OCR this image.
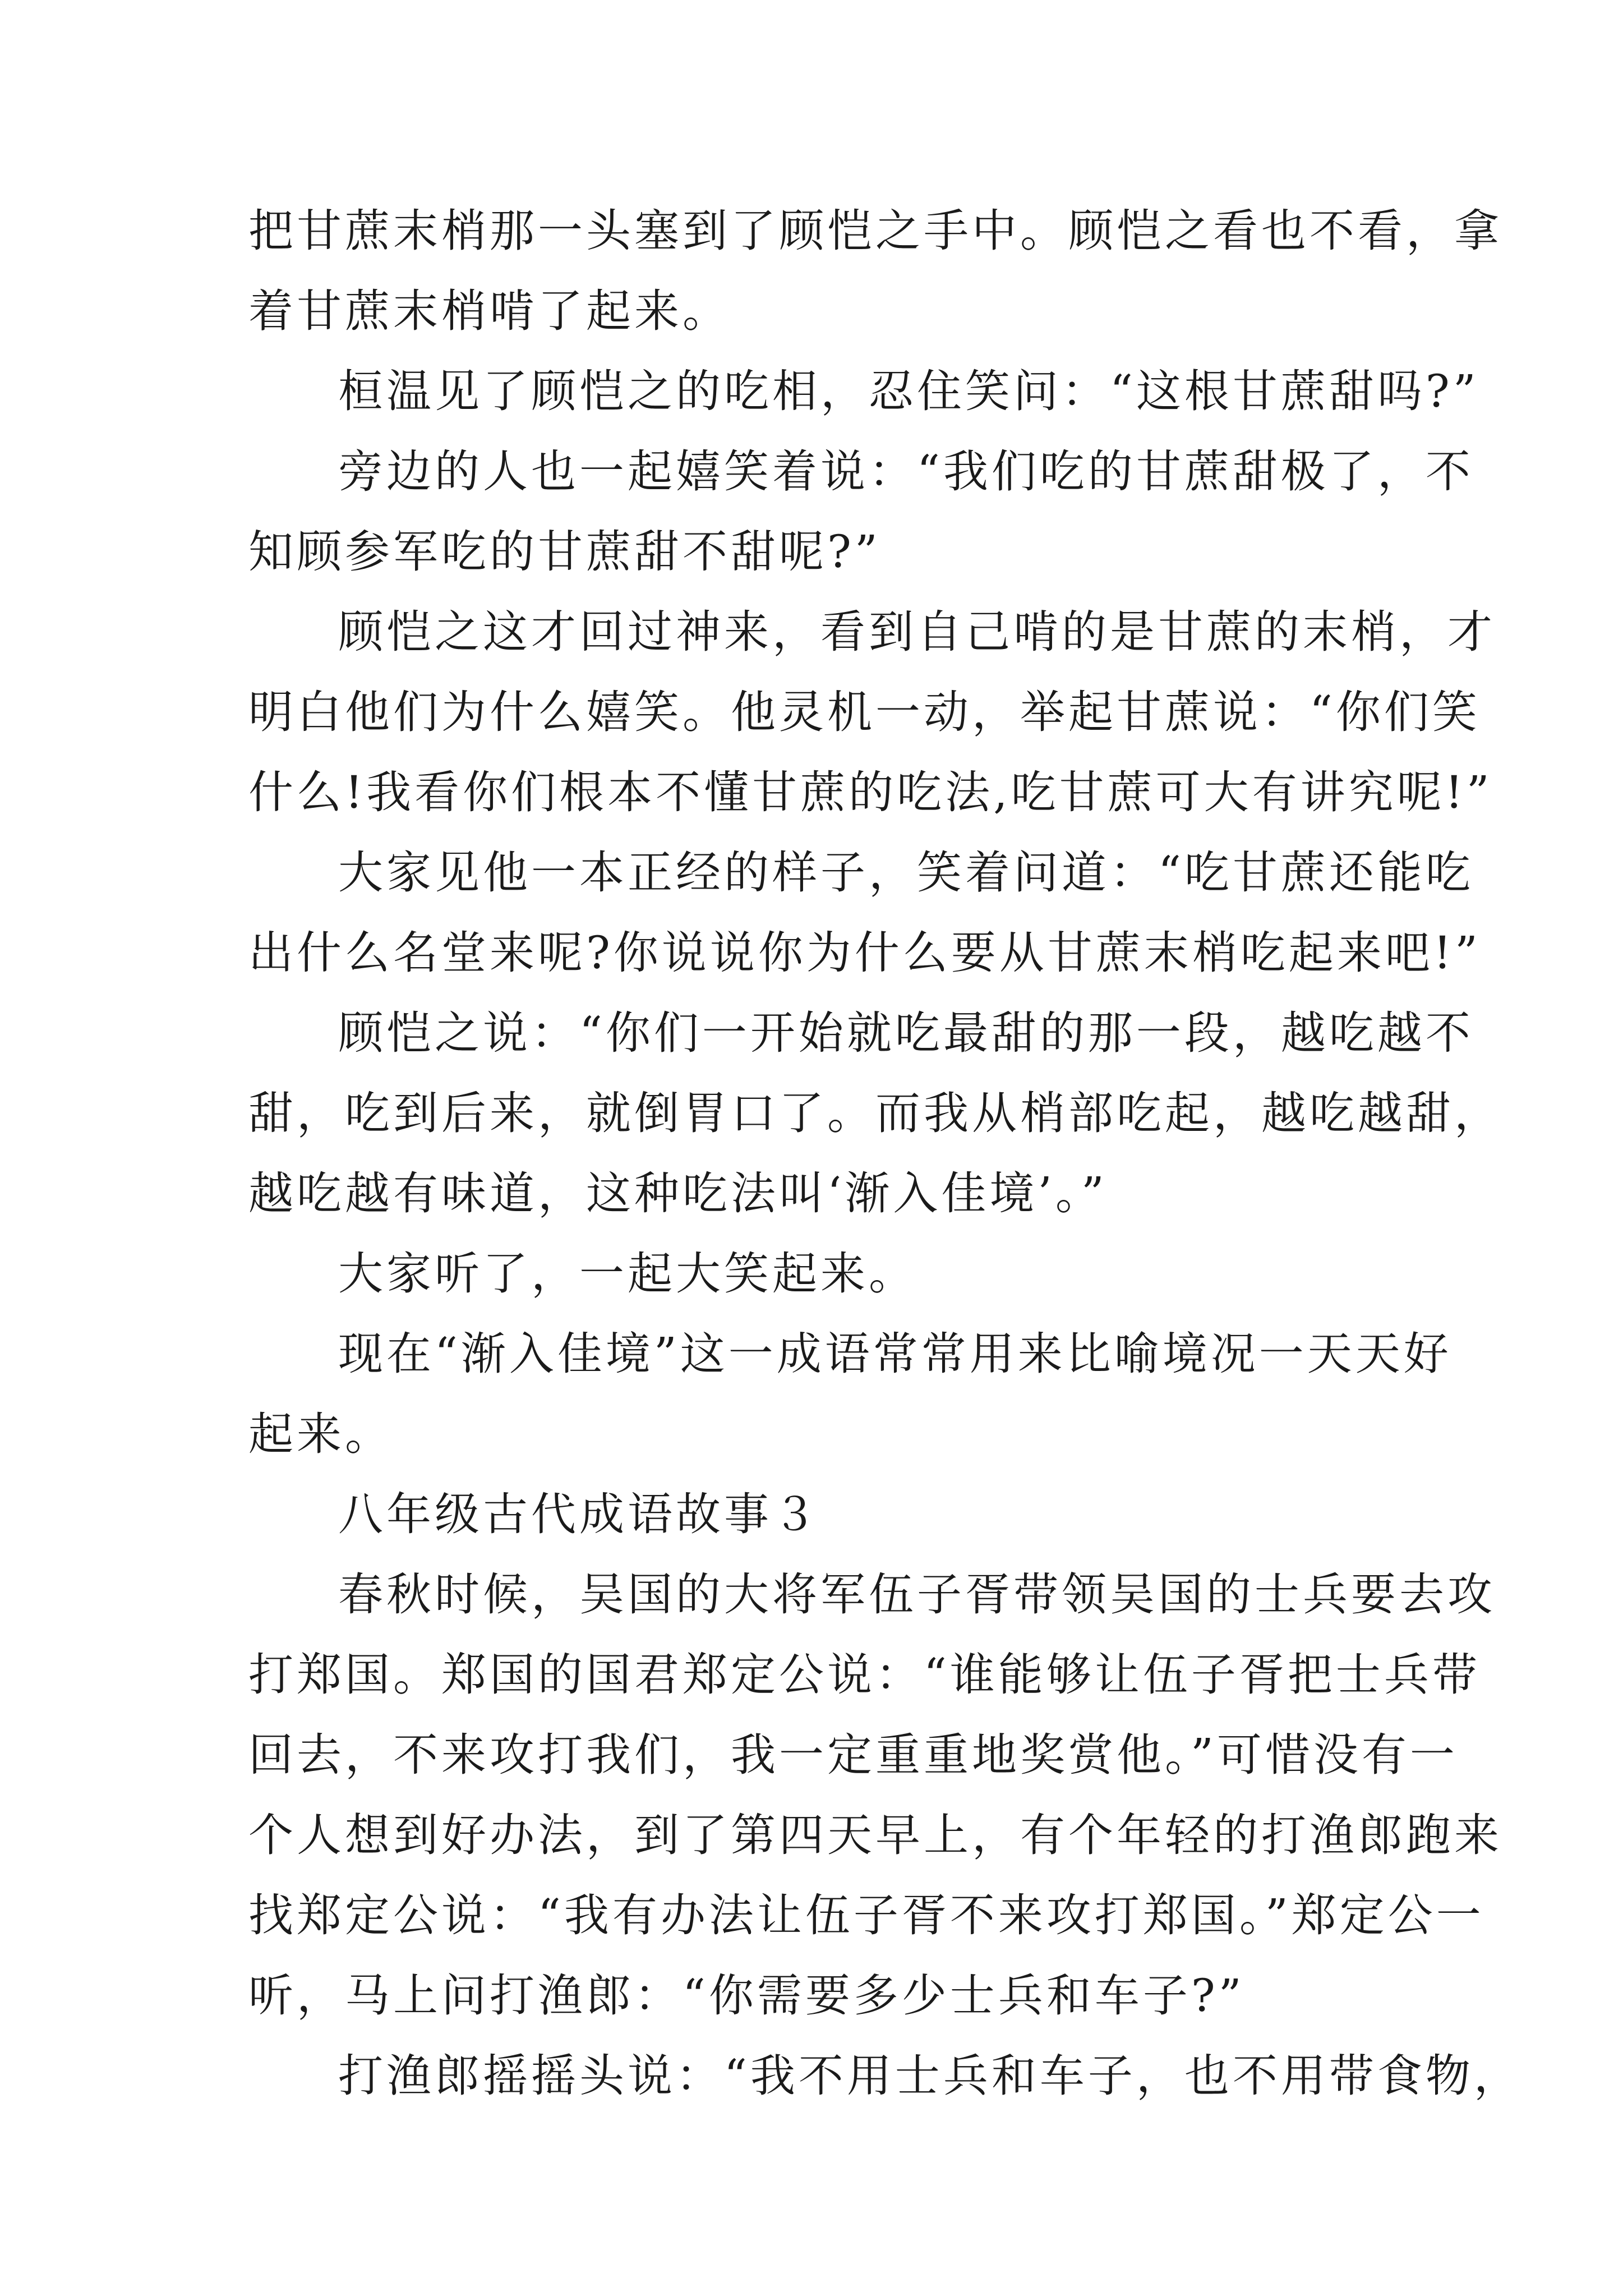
把甘蔗末梢那一头塞到了顾恺之手中。顾恺之看也不看，拿
着甘蔗末梢啃了起来。
桓温见了顾恺之的吃相，忍住笑问：“这根甘蔗甜吗?”
旁边的人也一起嬉笑着说：“我们吃的甘蔗甜极了，不
知顾参军吃的甘蔗甜不甜呢?”
顾恺之这才回过神来，看到自己啃的是甘蔗的末梢，才
明白他们为什么嬉笑。他灵机一动，举起甘蔗说：“你们笑
什么!我看你们根本不懂甘蔗的吃法,吃甘蔗可大有讲究呢!”
大家见他一本正经的样子，笑着问道：“吃甘蔗还能吃
出什么名堂来呢?你说说你为什么要从甘蔗末梢吃起来吧!”
顾恺之说：“你们一开始就吃最甜的那一段，越吃越不
甜，吃到后来，就倒胃口了。而我从梢部吃起，越吃越甜，
越吃越有味道，这种吃法叫‘渐入佳境’。”
大家听了，一起大笑起来。
现在“渐入佳境”这一成语常常用来比喻境况一天天好
起来。
八年级古代成语故事３
春秋时候，吴国的大将军伍子胥带领吴国的士兵要去攻
打郑国。郑国的国君郑定公说：“谁能够让伍子胥把士兵带
回去，不来攻打我们，我一定重重地奖赏他。”可惜没有一
个人想到好办法，到了第四天早上，有个年轻的打渔郎跑来
找郑定公说：“我有办法让伍子胥不来攻打郑国。”郑定公一
听，马上问打渔郎：“你需要多少士兵和车子?”
打渔郎摇摇头说：“我不用士兵和车子，也不用带食物，
